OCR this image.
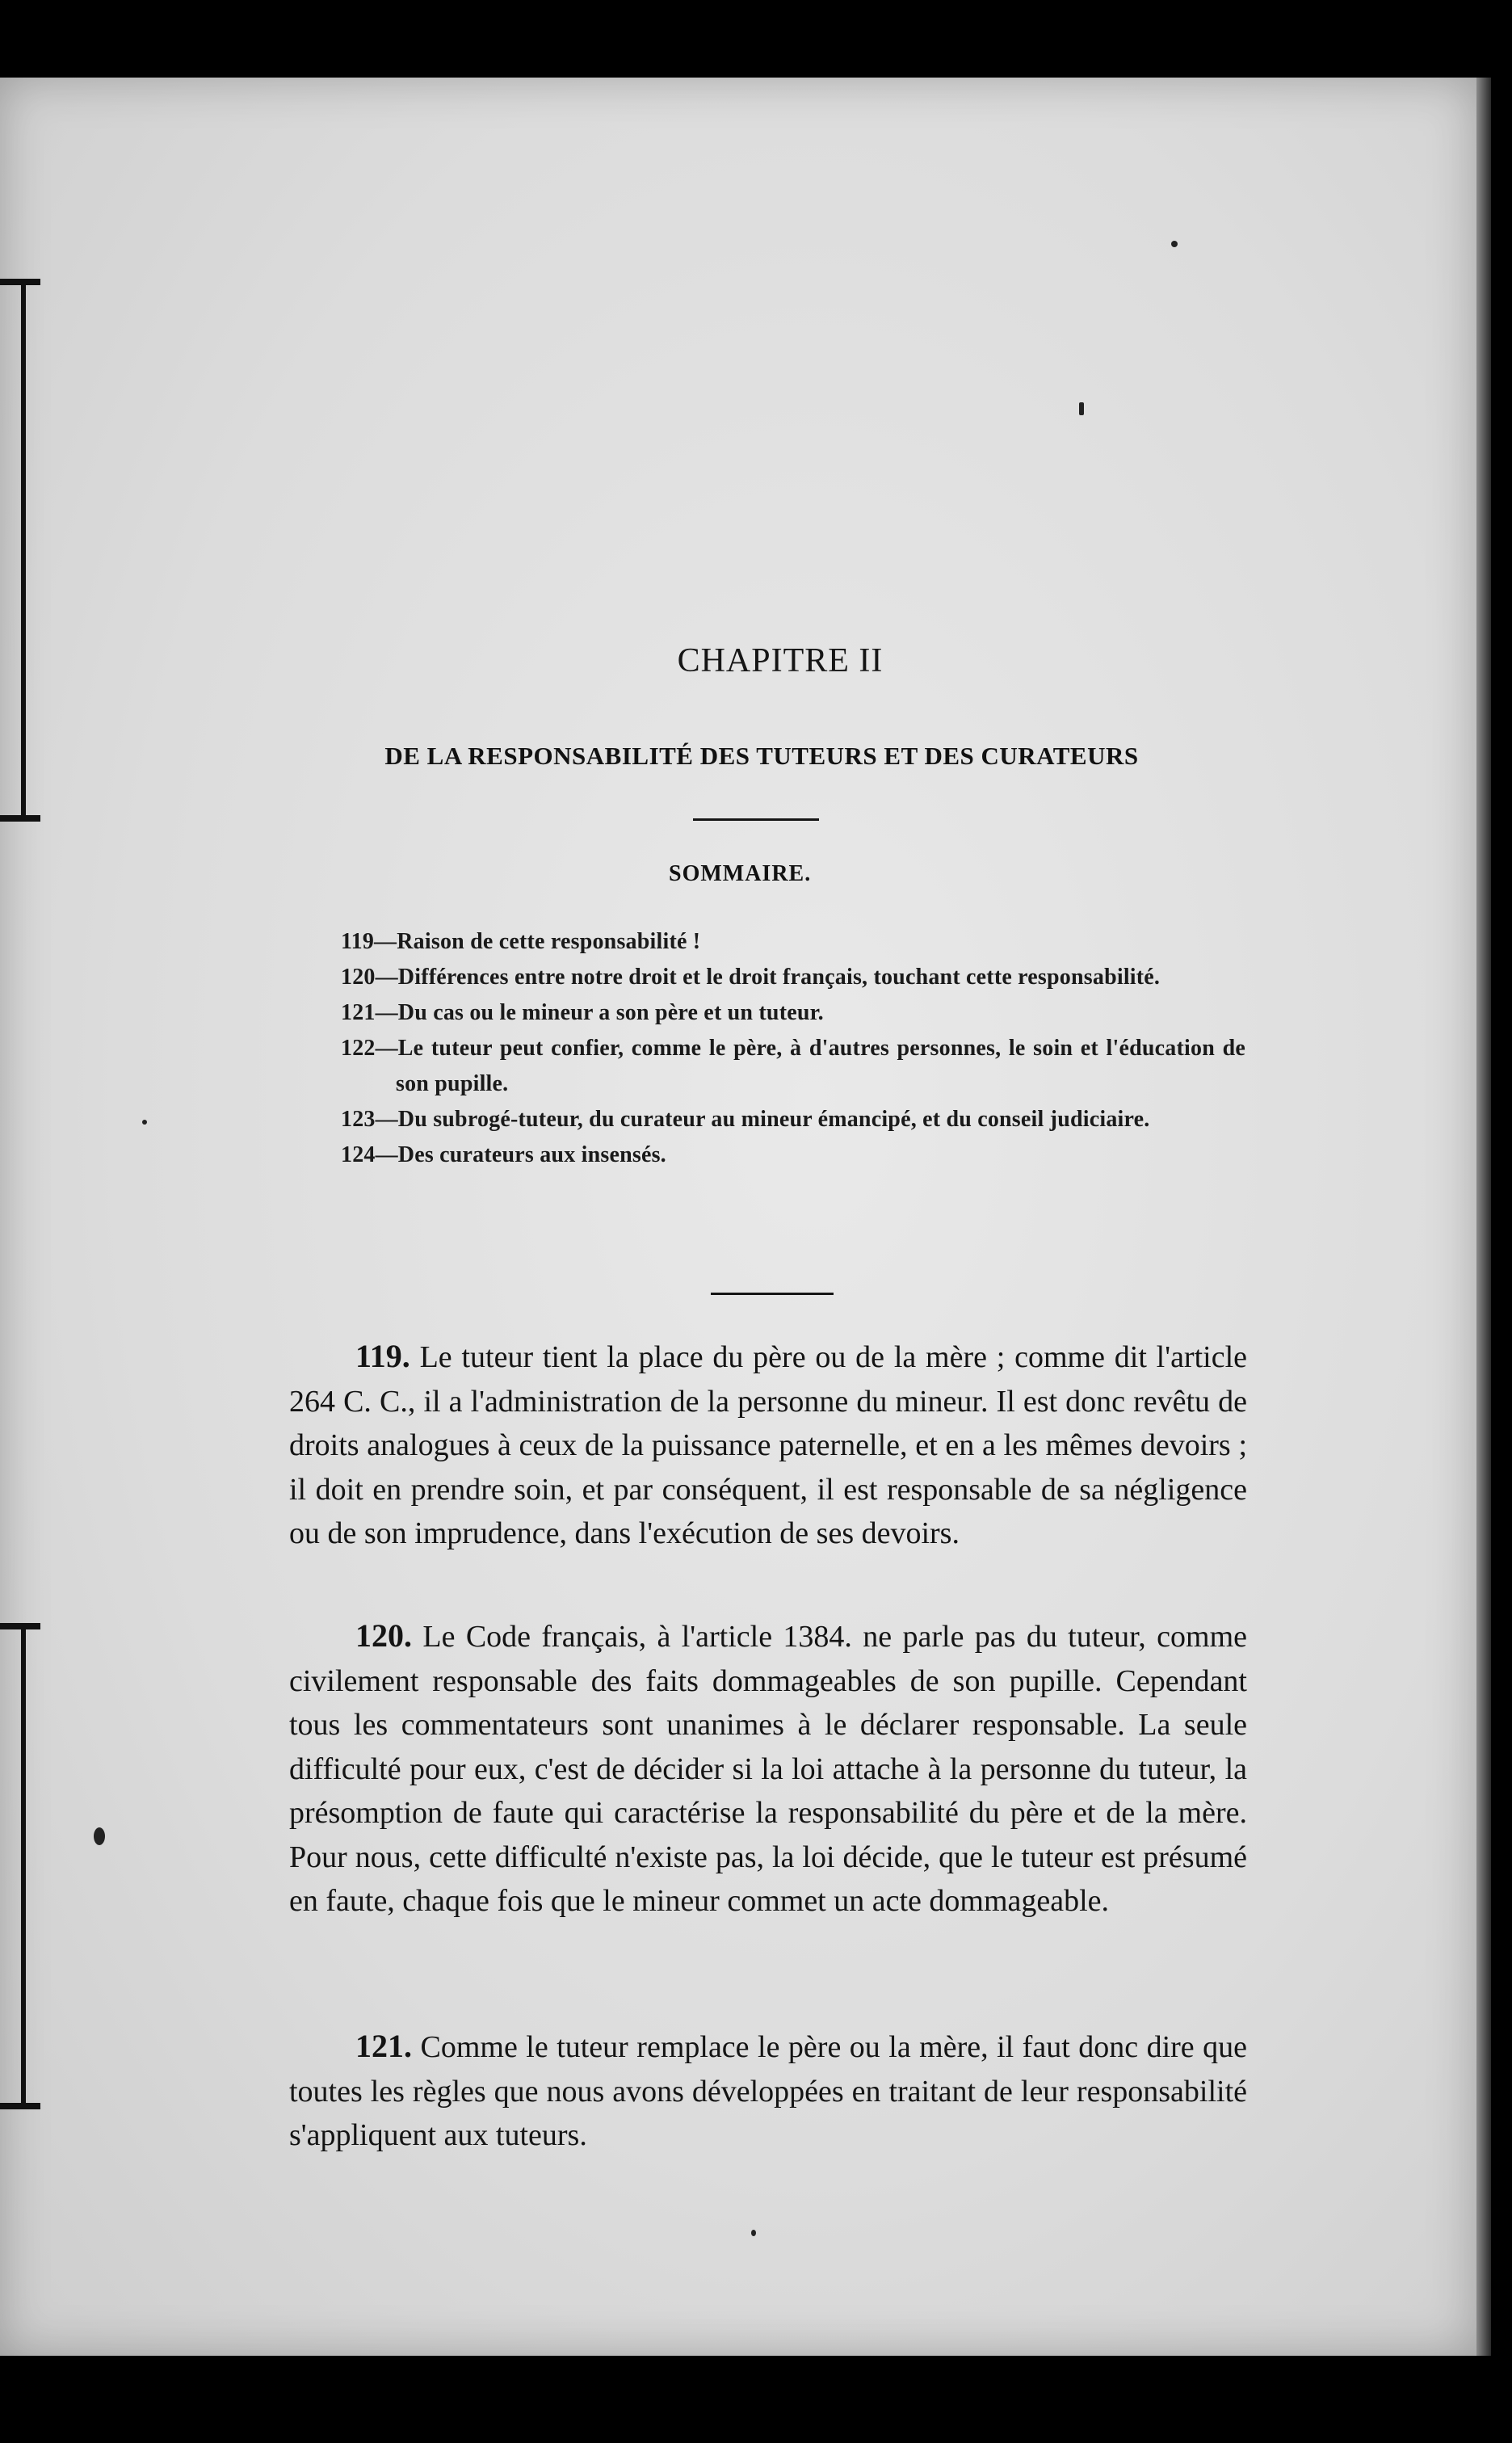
CHAPITRE II
DE LA RESPONSABILITÉ DES TUTEURS ET DES CURATEURS
SOMMAIRE.
119—Raison de cette responsabilité !
120—Différences entre notre droit et le droit français, touchant cette responsabilité.
121—Du cas ou le mineur a son père et un tuteur.
122—Le tuteur peut confier, comme le père, à d'autres personnes, le soin et l'éducation de son pupille.
123—Du subrogé-tuteur, du curateur au mineur émancipé, et du conseil judiciaire.
124—Des curateurs aux insensés.

119. Le tuteur tient la place du père ou de la mère ; comme dit l'article 264 C. C., il a l'administration de la personne du mineur. Il est donc revêtu de droits analogues à ceux de la puissance paternelle, et en a les mêmes devoirs ; il doit en prendre soin, et par conséquent, il est responsable de sa négligence ou de son imprudence, dans l'exécution de ses devoirs.

120. Le Code français, à l'article 1384. ne parle pas du tuteur, comme civilement responsable des faits dommageables de son pupille. Cependant tous les commentateurs sont unanimes à le déclarer responsable. La seule difficulté pour eux, c'est de décider si la loi attache à la personne du tuteur, la présomption de faute qui caractérise la responsabilité du père et de la mère. Pour nous, cette difficulté n'existe pas, la loi décide, que le tuteur est présumé en faute, chaque fois que le mineur commet un acte dommageable.

121. Comme le tuteur remplace le père ou la mère, il faut donc dire que toutes les règles que nous avons développées en traitant de leur responsabilité s'appliquent aux tuteurs.
